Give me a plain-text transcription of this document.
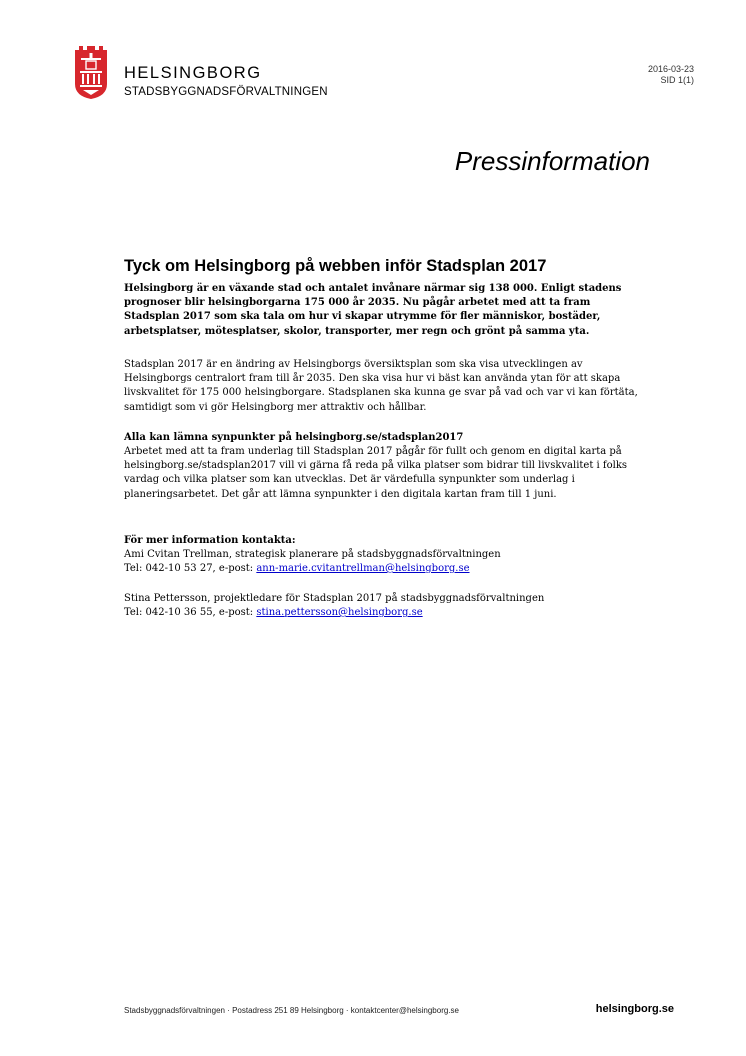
HELSINGBORG
STADSBYGGNADSFÖRVALTNINGEN
2016-03-23
SID 1(1)
Pressinformation
Tyck om Helsingborg på webben inför Stadsplan 2017
Helsingborg är en växande stad och antalet invånare närmar sig 138 000. Enligt stadens prognoser blir helsingborgarna 175 000 år 2035. Nu pågår arbetet med att ta fram Stadsplan 2017 som ska tala om hur vi skapar utrymme för fler människor, bostäder, arbetsplatser, mötesplatser, skolor, transporter, mer regn och grönt på samma yta.
Stadsplan 2017 är en ändring av Helsingborgs översiktsplan som ska visa utvecklingen av Helsingborgs centralort fram till år 2035. Den ska visa hur vi bäst kan använda ytan för att skapa livskvalitet för 175 000 helsingborgare. Stadsplanen ska kunna ge svar på vad och var vi kan förtäta, samtidigt som vi gör Helsingborg mer attraktiv och hållbar.
Alla kan lämna synpunkter på helsingborg.se/stadsplan2017
Arbetet med att ta fram underlag till Stadsplan 2017 pågår för fullt och genom en digital karta på helsingborg.se/stadsplan2017 vill vi gärna få reda på vilka platser som bidrar till livskvalitet i folks vardag och vilka platser som kan utvecklas. Det är värdefulla synpunkter som underlag i planeringsarbetet. Det går att lämna synpunkter i den digitala kartan fram till 1 juni.
För mer information kontakta:
Ami Cvitan Trellman, strategisk planerare på stadsbyggnadsförvaltningen
Tel: 042-10 53 27, e-post: ann-marie.cvitantrellman@helsingborg.se
Stina Pettersson, projektledare för Stadsplan 2017 på stadsbyggnadsförvaltningen
Tel: 042-10 36 55, e-post: stina.pettersson@helsingborg.se
Stadsbyggnadsförvaltningen · Postadress 251 89 Helsingborg · kontaktcenter@helsingborg.se	helsingborg.se
